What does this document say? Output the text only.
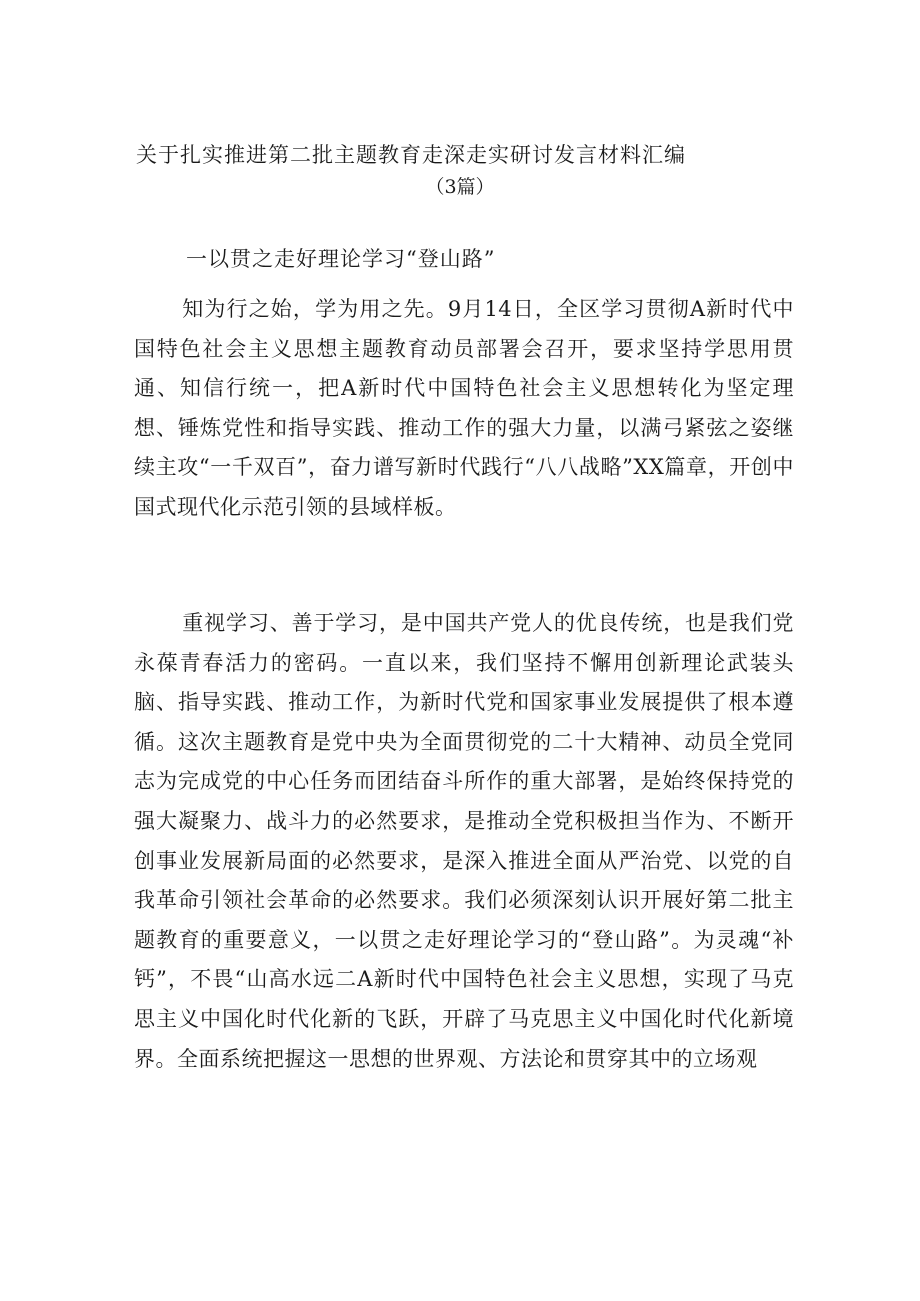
关于扎实推进第二批主题教育走深走实研讨发言材料汇编
（3篇）
一以贯之走好理论学习“登山路”

知为行之始，学为用之先。9月14日，全区学习贯彻A新时代中国特色社会主义思想主题教育动员部署会召开，要求坚持学思用贯通、知信行统一，把A新时代中国特色社会主义思想转化为坚定理想、锤炼党性和指导实践、推动工作的强大力量，以满弓紧弦之姿继续主攻“一千双百”，奋力谱写新时代践行“八八战略”XX篇章，开创中国式现代化示范引领的县域样板。

重视学习、善于学习，是中国共产党人的优良传统，也是我们党永葆青春活力的密码。一直以来，我们坚持不懈用创新理论武装头脑、指导实践、推动工作，为新时代党和国家事业发展提供了根本遵循。这次主题教育是党中央为全面贯彻党的二十大精神、动员全党同志为完成党的中心任务而团结奋斗所作的重大部署，是始终保持党的强大凝聚力、战斗力的必然要求，是推动全党积极担当作为、不断开创事业发展新局面的必然要求，是深入推进全面从严治党、以党的自我革命引领社会革命的必然要求。我们必须深刻认识开展好第二批主题教育的重要意义，一以贯之走好理论学习的“登山路”。为灵魂“补钙”，不畏“山高水远二A新时代中国特色社会主义思想，实现了马克思主义中国化时代化新的飞跃，开辟了马克思主义中国化时代化新境界。全面系统把握这一思想的世界观、方法论和贯穿其中的立场观
